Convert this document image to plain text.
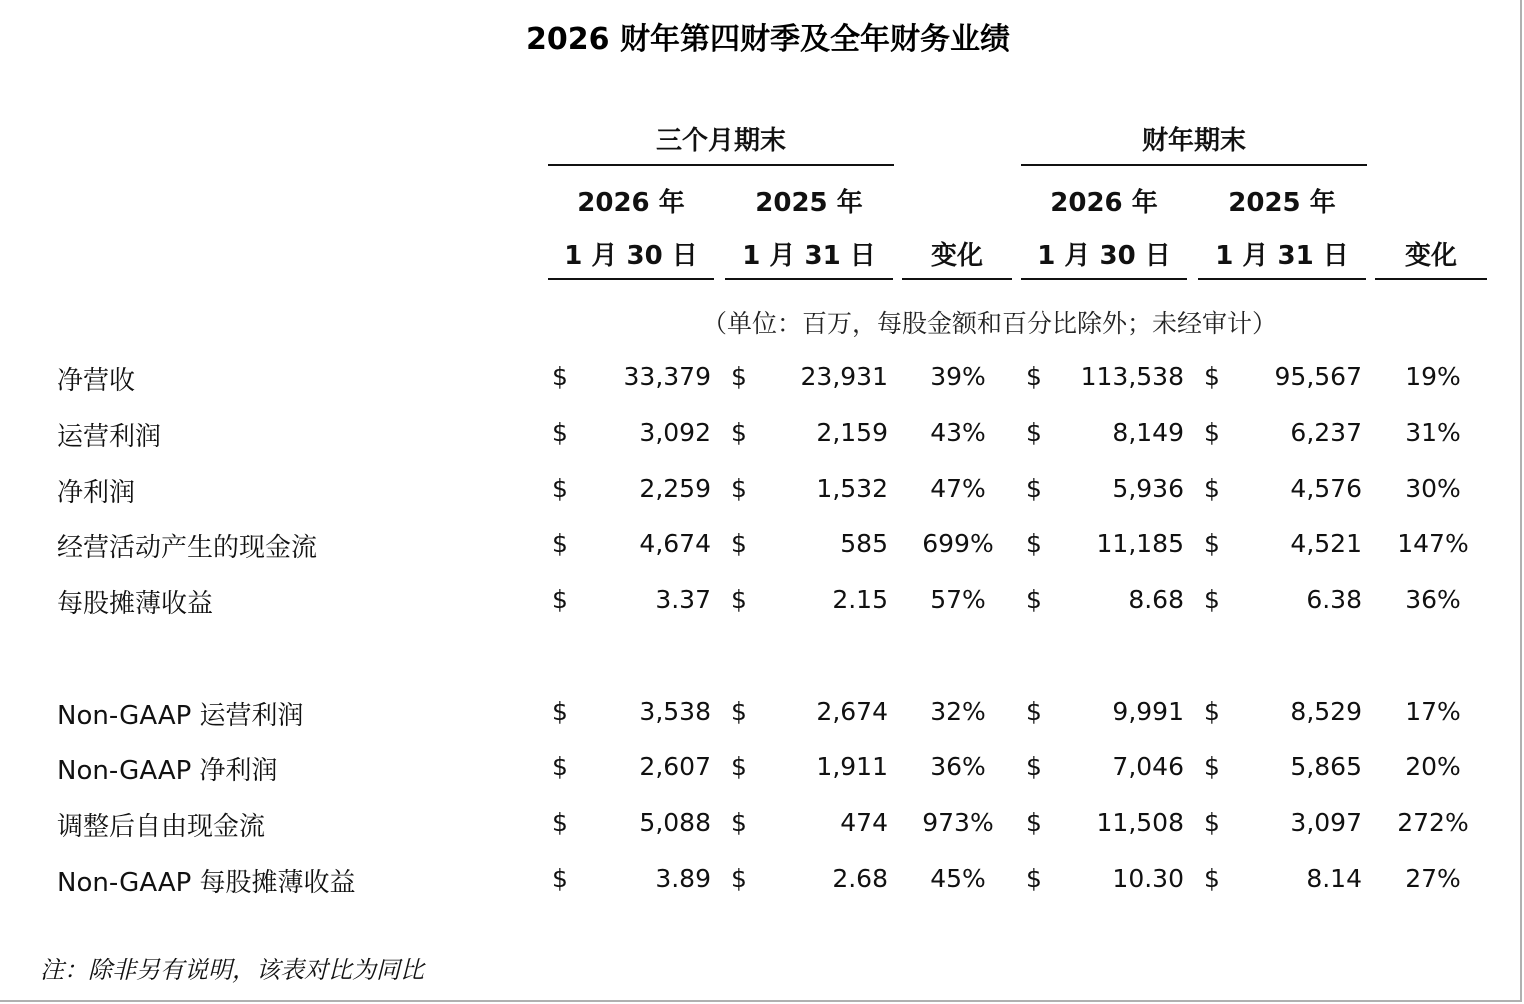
2026 财年第四财季及全年财务业绩
三个月期末	财年期末
2026 年	2025 年	2026 年	2025 年
1 月 30 日	1 月 31 日	变化	1 月 30 日	1 月 31 日	变化
（单位：百万，每股金额和百分比除外；未经审计）
净营收	$	33,379 $	23,931	39%	$	113,538 $	95,567	19%
运营利润	$	3,092 $	2,159	43%	$	8,149 $	6,237	31%
净利润	$	2,259 $	1,532	47%	$	5,936 $	4,576	30%
经营活动产生的现金流	$	4,674 $	585	699%	$	11,185 $	4,521	147%
每股摊薄收益	$	3.37 $	2.15	57%	$	8.68 $	6.38	36%
Non-GAAP 运营利润	$	3,538 $	2,674	32%	$	9,991 $	8,529	17%
Non-GAAP 净利润	$	2,607 $	1,911	36%	$	7,046 $	5,865	20%
调整后自由现金流	$	5,088 $	474	973%	$	11,508 $	3,097	272%
Non-GAAP 每股摊薄收益	$	3.89 $	2.68	45%	$	10.30 $	8.14	27%
注：除非另有说明，该表对比为同比
